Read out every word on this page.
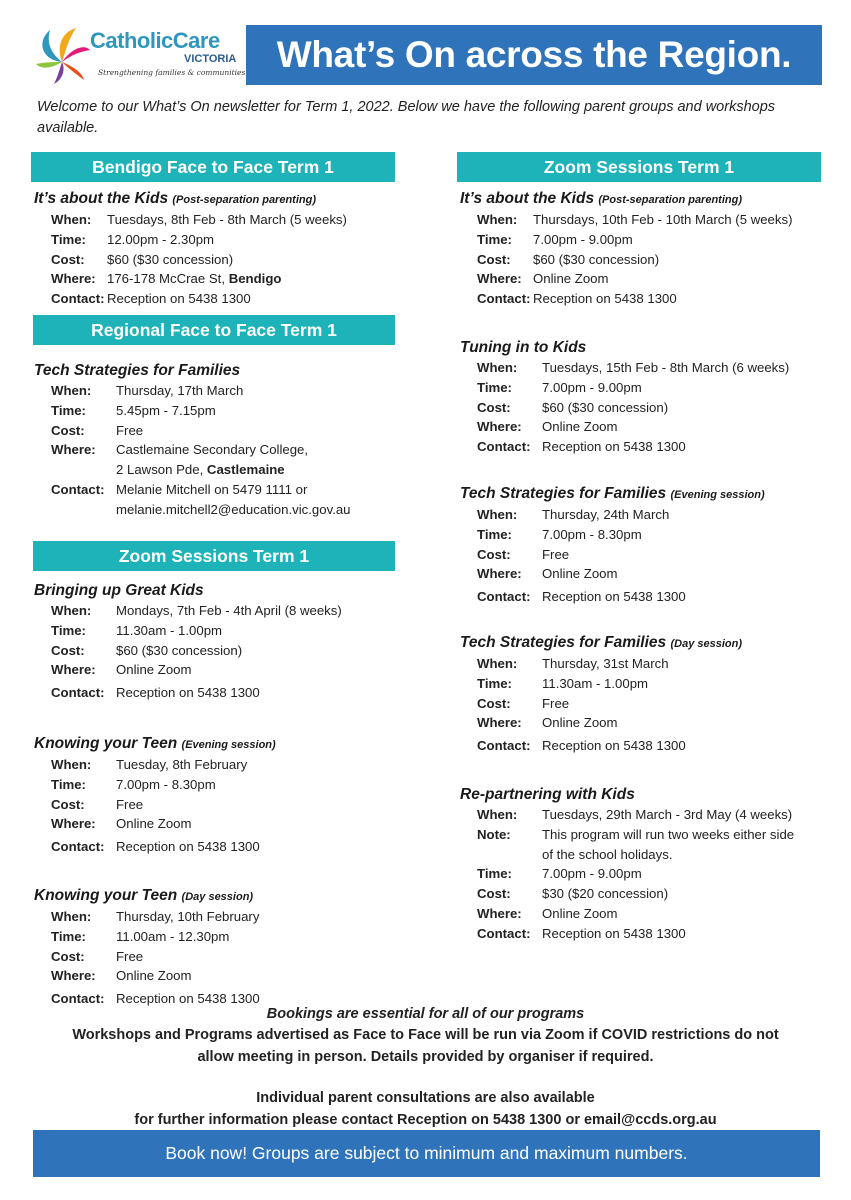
CatholicCare
VICTORIA
Strengthening families & communities What’s On across the Region.
Welcome to our What’s On newsletter for Term 1, 2022. Below we have the following parent groups and workshops available.
Bendigo Face to Face Term 1
Regional Face to Face Term 1
Zoom Sessions Term 1
Zoom Sessions Term 1
It’s about the Kids (Post-separation parenting)
When:	Tuesdays, 8th Feb - 8th March (5 weeks)
Time:	12.00pm - 2.30pm
Cost:	$60 ($30 concession)
Where: 176-178 McCrae St, Bendigo
Contact: Reception on 5438 1300
Tech Strategies for Families
When:	Thursday, 17th March
Time:	5.45pm - 7.15pm
Cost:	Free
Where:	Castlemaine Secondary College,
2 Lawson Pde, Castlemaine
Contact: Melanie Mitchell on 5479 1111 or
melanie.mitchell2@education.vic.gov.au
Bringing up Great Kids
When:	Mondays, 7th Feb - 4th April (8 weeks)
Time:	11.30am - 1.00pm
Cost:	$60 ($30 concession)
Where:	Online Zoom
Contact: Reception on 5438 1300
Knowing your Teen (Evening session)
When:	Tuesday, 8th February
Time:	7.00pm - 8.30pm
Cost:	Free
Where:	Online Zoom
Contact: Reception on 5438 1300
Knowing your Teen (Day session)
When:	Thursday, 10th February
Time:	11.00am - 12.30pm
Cost:	Free
Where:	Online Zoom
Contact: Reception on 5438 1300
It’s about the Kids (Post-separation parenting)
When:	Thursdays, 10th Feb - 10th March (5 weeks)
Time:	7.00pm - 9.00pm
Cost:	$60 ($30 concession)
Where: Online Zoom
Contact: Reception on 5438 1300
Tuning in to Kids
When:	Tuesdays, 15th Feb - 8th March (6 weeks)
Time:	7.00pm - 9.00pm
Cost:	$60 ($30 concession)
Where:	Online Zoom
Contact: Reception on 5438 1300
Tech Strategies for Families (Evening session)
When:	Thursday, 24th March
Time:	7.00pm - 8.30pm
Cost:	Free
Where:	Online Zoom
Contact: Reception on 5438 1300
Tech Strategies for Families (Day session)
When:	Thursday, 31st March
Time:	11.30am - 1.00pm
Cost:	Free
Where:	Online Zoom
Contact: Reception on 5438 1300
Re-partnering with Kids
When:	Tuesdays, 29th March - 3rd May (4 weeks)
Note:	This program will run two weeks either side
of the school holidays.
Time:	7.00pm - 9.00pm
Cost:	$30 ($20 concession)
Where:	Online Zoom
Contact: Reception on 5438 1300
Bookings are essential for all of our programs
Workshops and Programs advertised as Face to Face will be run via Zoom if COVID restrictions do not
allow meeting in person. Details provided by organiser if required.
Individual parent consultations are also available
for further information please contact Reception on 5438 1300 or email@ccds.org.au
Book now! Groups are subject to minimum and maximum numbers.
